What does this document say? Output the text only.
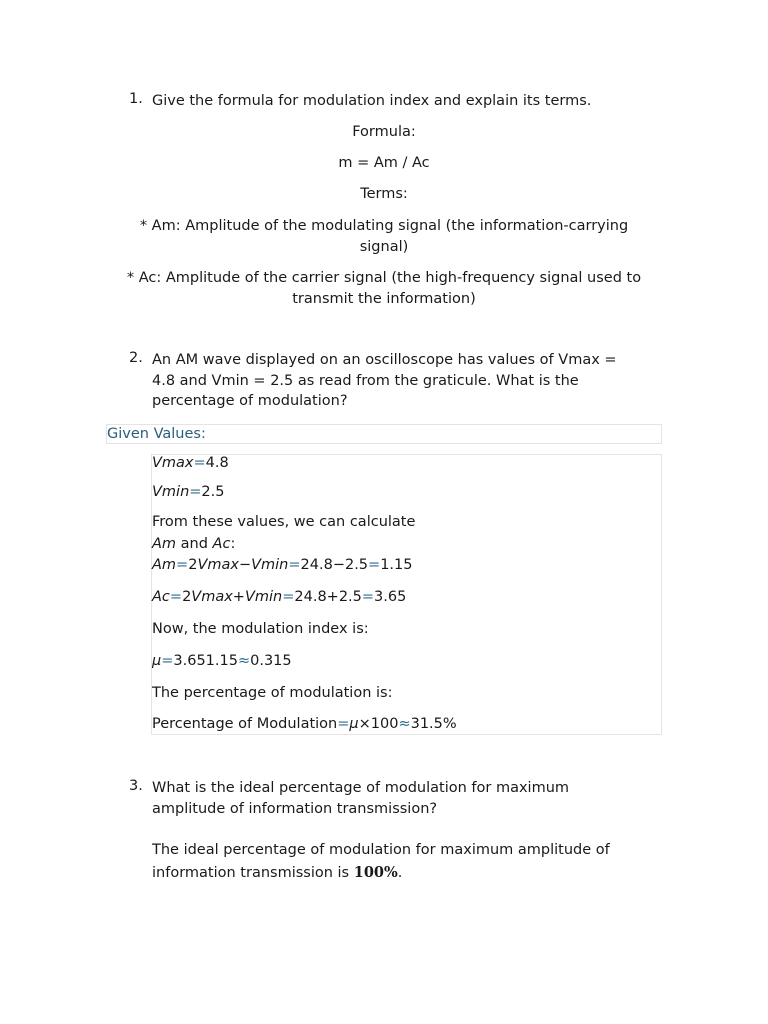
1. Give the formula for modulation index and explain its terms.
Formula:
m = Am / Ac
Terms:
* Am: Amplitude of the modulating signal (the information-carrying signal)
* Ac: Amplitude of the carrier signal (the high-frequency signal used to transmit the information)
2. An AM wave displayed on an oscilloscope has values of Vmax = 4.8 and Vmin = 2.5 as read from the graticule. What is the percentage of modulation?
Given Values:
Vmax=4.8
Vmin=2.5
From these values, we can calculate
Am and Ac:
Am=2Vmax−Vmin=24.8−2.5=1.15
Ac=2Vmax+Vmin=24.8+2.5=3.65
Now, the modulation index is:
μ=3.651.15≈0.315
The percentage of modulation is:
Percentage of Modulation=μ×100≈31.5%
3. What is the ideal percentage of modulation for maximum amplitude of information transmission?
The ideal percentage of modulation for maximum amplitude of
information transmission is 100%.
